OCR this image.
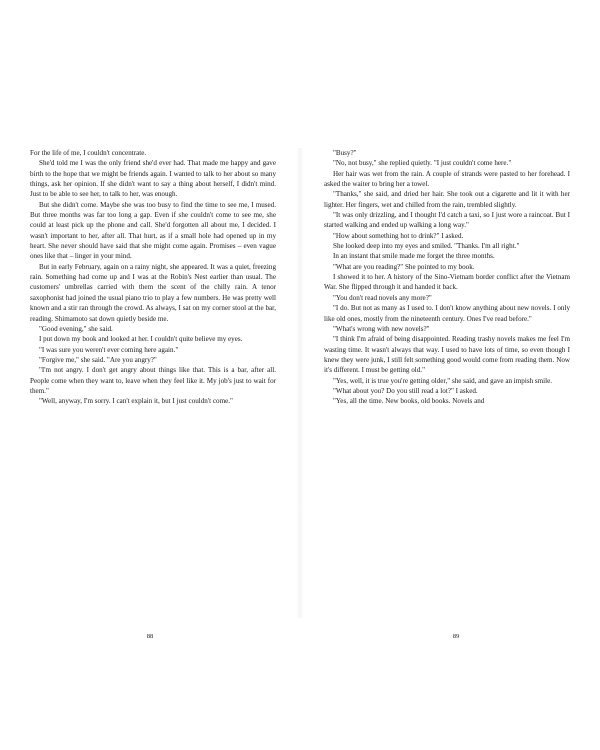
For the life of me, I couldn't concentrate.

She'd told me I was the only friend she'd ever had. That made me happy and gave birth to the hope that we might be friends again. I wanted to talk to her about so many things, ask her opinion. If she didn't want to say a thing about herself, I didn't mind. Just to be able to see her, to talk to her, was enough.

But she didn't come. Maybe she was too busy to find the time to see me, I mused. But three months was far too long a gap. Even if she couldn't come to see me, she could at least pick up the phone and call. She'd forgotten all about me, I decided. I wasn't important to her, after all. That hurt, as if a small hole had opened up in my heart. She never should have said that she might come again. Promises – even vague ones like that – linger in your mind.

But in early February, again on a rainy night, she appeared. It was a quiet, freezing rain. Something had come up and I was at the Robin's Nest earlier than usual. The customers' umbrellas carried with them the scent of the chilly rain. A tenor saxophonist had joined the usual piano trio to play a few numbers. He was pretty well known and a stir ran through the crowd. As always, I sat on my corner stool at the bar, reading. Shimamoto sat down quietly beside me.

"Good evening," she said.

I put down my book and looked at her. I couldn't quite believe my eyes.

"I was sure you weren't ever coming here again."

"Forgive me," she said. "Are you angry?"

"I'm not angry. I don't get angry about things like that. This is a bar, after all. People come when they want to, leave when they feel like it. My job's just to wait for them."

"Well, anyway, I'm sorry. I can't explain it, but I just couldn't come."

88

"Busy?"

"No, not busy," she replied quietly. "I just couldn't come here."

Her hair was wet from the rain. A couple of strands were pasted to her forehead. I asked the waiter to bring her a towel.

"Thanks," she said, and dried her hair. She took out a cigarette and lit it with her lighter. Her fingers, wet and chilled from the rain, trembled slightly.

"It was only drizzling, and I thought I'd catch a taxi, so I just wore a raincoat. But I started walking and ended up walking a long way."

"How about something hot to drink?" I asked.

She looked deep into my eyes and smiled. "Thanks. I'm all right."

In an instant that smile made me forget the three months.

"What are you reading?" She pointed to my book.

I showed it to her. A history of the Sino-Vietnam border conflict after the Vietnam War. She flipped through it and handed it back.

"You don't read novels any more?"

"I do. But not as many as I used to. I don't know anything about new novels. I only like old ones, mostly from the nineteenth century. Ones I've read before."

"What's wrong with new novels?"

"I think I'm afraid of being disappointed. Reading trashy novels makes me feel I'm wasting time. It wasn't always that way. I used to have lots of time, so even though I knew they were junk, I still felt something good would come from reading them. Now it's different. I must be getting old."

"Yes, well, it is true you're getting older," she said, and gave an impish smile.

"What about you? Do you still read a lot?" I asked.

"Yes, all the time. New books, old books. Novels and

89
